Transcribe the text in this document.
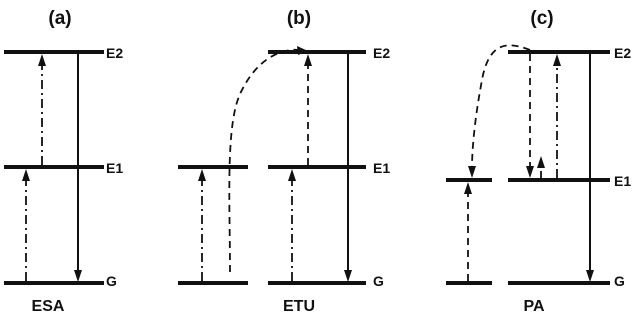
(a)
E2
E1
G
ESA
(b)
E2
E1
G
ETU
(c)
E2
E1
G
PA
